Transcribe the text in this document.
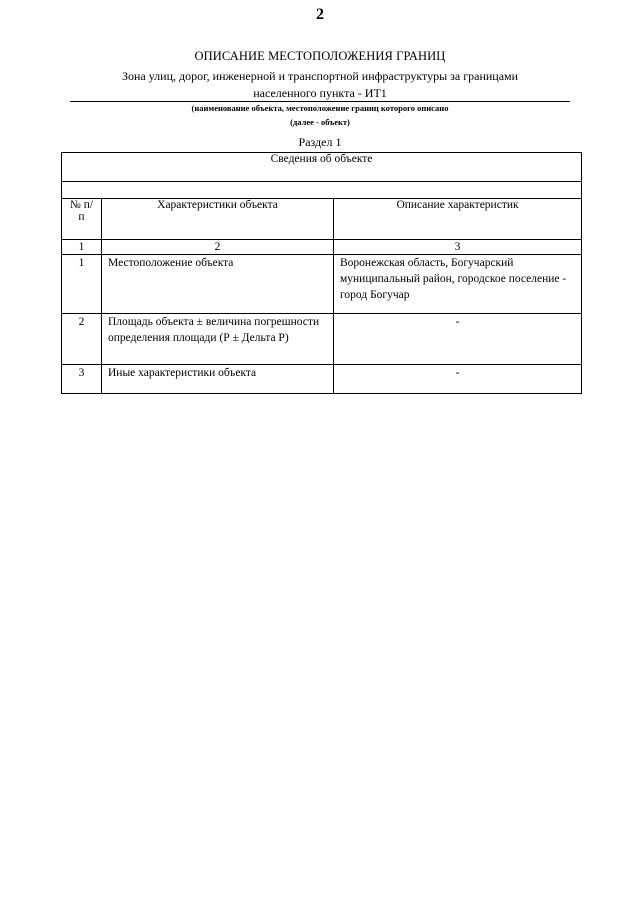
2
ОПИСАНИЕ МЕСТОПОЛОЖЕНИЯ ГРАНИЦ
Зона улиц, дорог, инженерной и транспортной инфраструктуры за границами
населенного пункта - ИТ1
(наименование объекта, местоположение границ которого описано
(далее - объект)
Раздел 1
Сведения об объекте		

№ п/п	Характеристики объекта	Описание характеристик
1	2	3
1	Местоположение объекта	Воронежская область, Богучарский муниципальный район, городское поселение - город Богучар
2	Площадь объекта ± величина погрешности определения площади (Р ± Дельта Р)	-
3	Иные характеристики объекта	-
